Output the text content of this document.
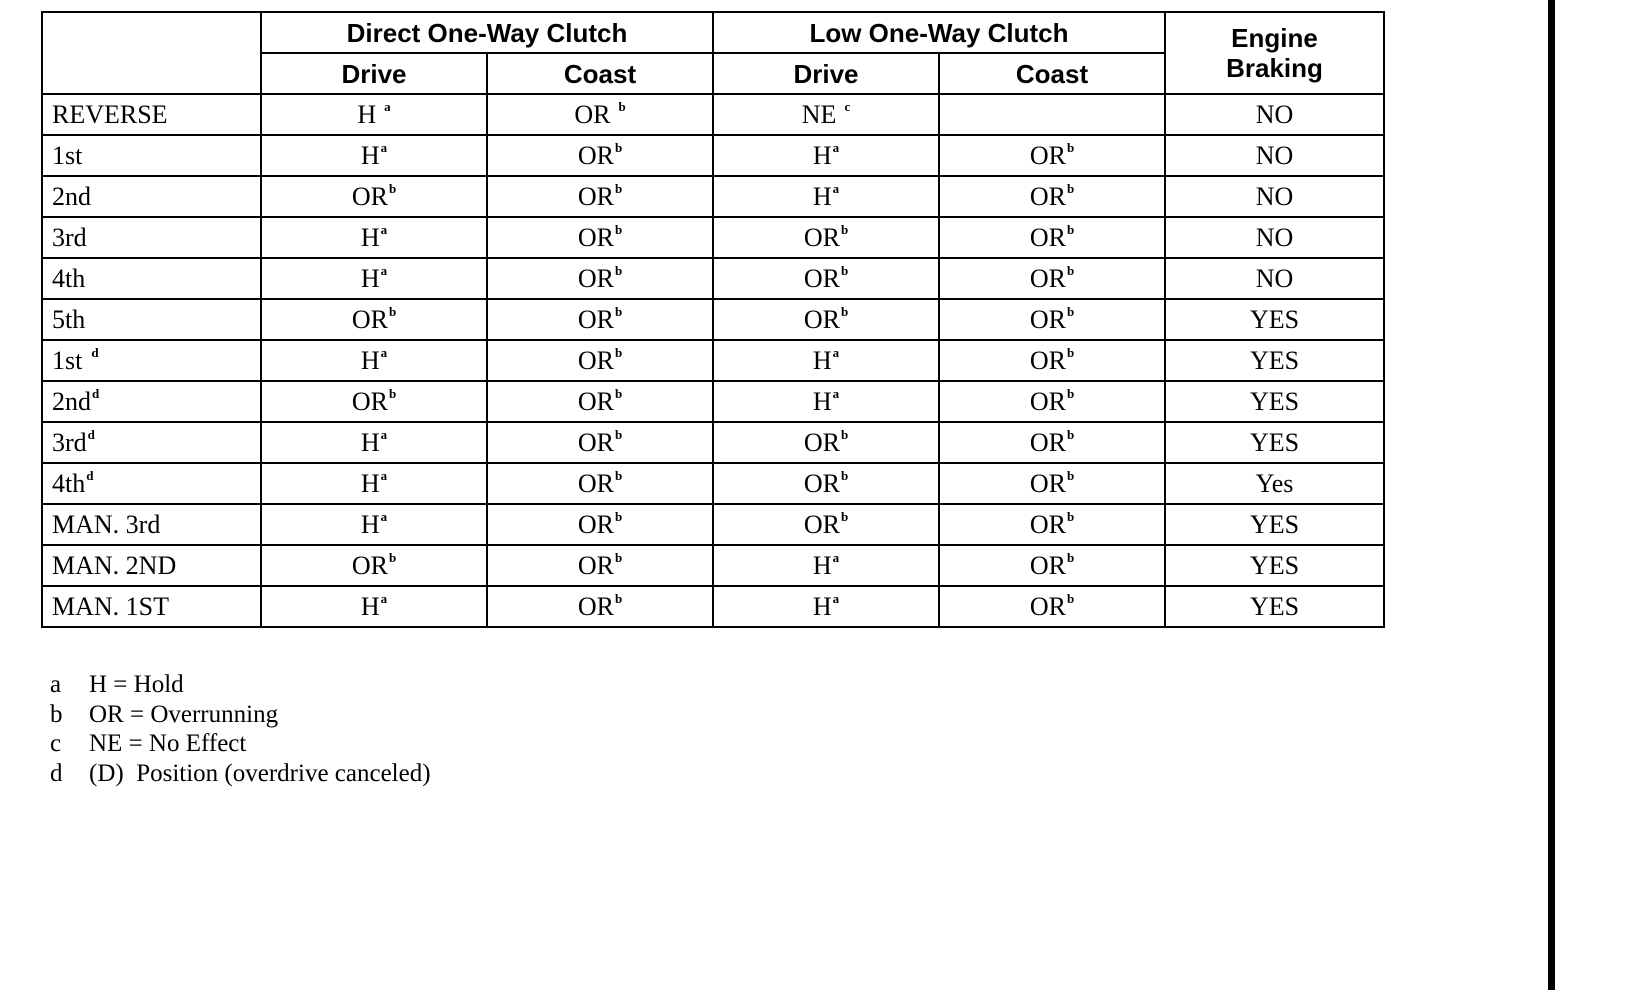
	Direct One-Way Clutch		Low One-Way Clutch		Engine Braking
	Drive	Coast	Drive	Coast	
REVERSE	H $^a$	OR $^b$	NE $^c$		NO
1st	H$^a$	OR$^b$	H$^a$	OR$^b$	NO
2nd	OR$^b$	OR$^b$	H$^a$	OR$^b$	NO
3rd	H$^a$	OR$^b$	OR$^b$	OR$^b$	NO
4th	H$^a$	OR$^b$	OR$^b$	OR$^b$	NO
5th	OR$^b$	OR$^b$	OR$^b$	OR$^b$	YES
1st $^d$	H$^a$	OR$^b$	H$^a$	OR$^b$	YES
2nd$^d$	OR$^b$	OR$^b$	H$^a$	OR$^b$	YES
3rd$^d$	H$^a$	OR$^b$	OR$^b$	OR$^b$	YES
4th$^d$	H$^a$	OR$^b$	OR$^b$	OR$^b$	Yes
MAN. 3rd	H$^a$	OR$^b$	OR$^b$	OR$^b$	YES
MAN. 2ND	OR$^b$	OR$^b$	H$^a$	OR$^b$	YES
MAN. 1ST	H$^a$	OR$^b$	H$^a$	OR$^b$	YES
a	H = Hold
b	OR = Overrunning
c	NE = No Effect
d	(D)  Position (overdrive canceled)
